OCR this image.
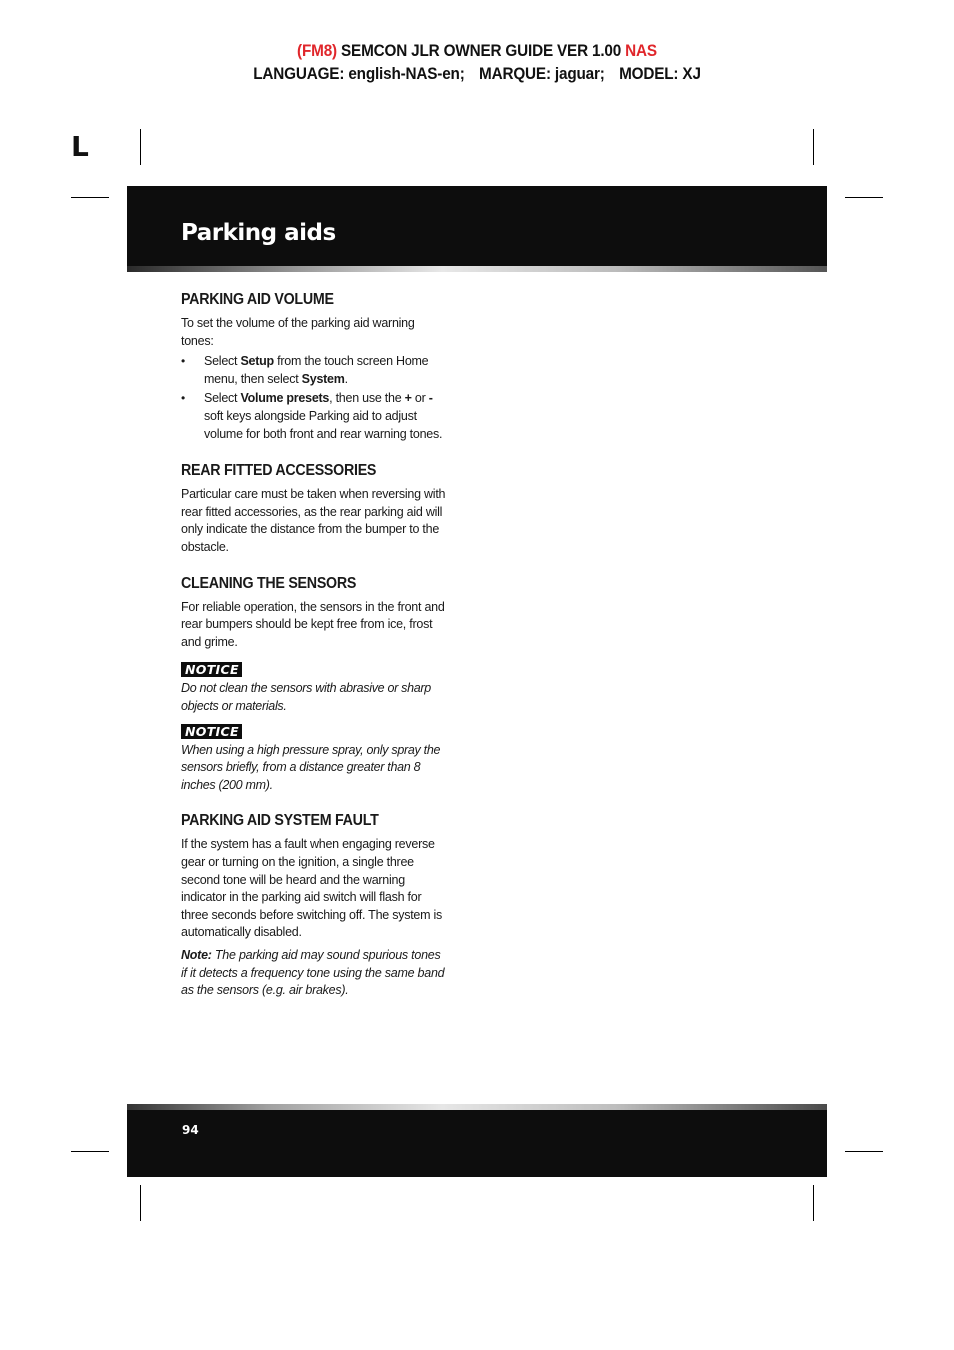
(FM8) SEMCON JLR OWNER GUIDE VER 1.00 NAS
LANGUAGE: english-NAS-en; MARQUE: jaguar; MODEL: XJ
L
Parking aids
PARKING AID VOLUME

To set the volume of the parking aid warning tones:

• Select Setup from the touch screen Home menu, then select System.
• Select Volume presets, then use the + or - soft keys alongside Parking aid to adjust volume for both front and rear warning tones.
REAR FITTED ACCESSORIES

Particular care must be taken when reversing with rear fitted accessories, as the rear parking aid will only indicate the distance from the bumper to the obstacle.

CLEANING THE SENSORS

For reliable operation, the sensors in the front and rear bumpers should be kept free from ice, frost and grime.

NOTICE

Do not clean the sensors with abrasive or sharp objects or materials.

NOTICE

When using a high pressure spray, only spray the sensors briefly, from a distance greater than 8 inches (200 mm).

PARKING AID SYSTEM FAULT

If the system has a fault when engaging reverse gear or turning on the ignition, a single three second tone will be heard and the warning indicator in the parking aid switch will flash for three seconds before switching off. The system is automatically disabled.

Note: The parking aid may sound spurious tones if it detects a frequency tone using the same band as the sensors (e.g. air brakes).

94
